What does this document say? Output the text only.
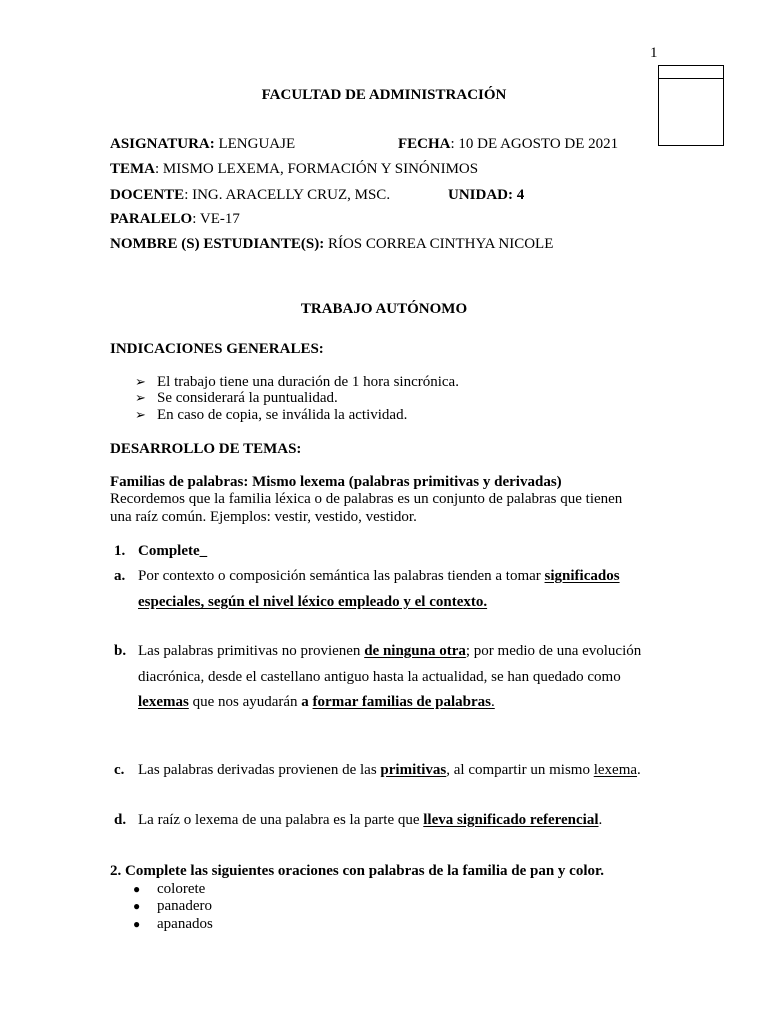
1
FACULTAD DE ADMINISTRACIÓN
ASIGNATURA: LENGUAJE	FECHA: 10 DE AGOSTO DE 2021
TEMA: MISMO LEXEMA, FORMACIÓN Y SINÓNIMOS
DOCENTE: ING. ARACELLY CRUZ, MSC.	UNIDAD: 4
PARALELO: VE-17
NOMBRE (S) ESTUDIANTE(S): RÍOS CORREA CINTHYA NICOLE
TRABAJO AUTÓNOMO
INDICACIONES GENERALES:
➢ El trabajo tiene una duración de 1 hora sincrónica.
➢ Se considerará la puntualidad.
➢ En caso de copia, se inválida la actividad.
DESARROLLO DE TEMAS:
Familias de palabras: Mismo lexema (palabras primitivas y derivadas)
Recordemos que la familia léxica o de palabras es un conjunto de palabras que tienen
una raíz común. Ejemplos: vestir, vestido, vestidor.
1. Complete_
a. Por contexto o composición semántica las palabras tienden a tomar significados
especiales, según el nivel léxico empleado y el contexto.
b. Las palabras primitivas no provienen de ninguna otra; por medio de una evolución
diacrónica, desde el castellano antiguo hasta la actualidad, se han quedado como
lexemas que nos ayudarán a formar familias de palabras.
c. Las palabras derivadas provienen de las primitivas, al compartir un mismo lexema.
d. La raíz o lexema de una palabra es la parte que lleva significado referencial.
2. Complete las siguientes oraciones con palabras de la familia de pan y color.
● colorete
● panadero
● apanados
